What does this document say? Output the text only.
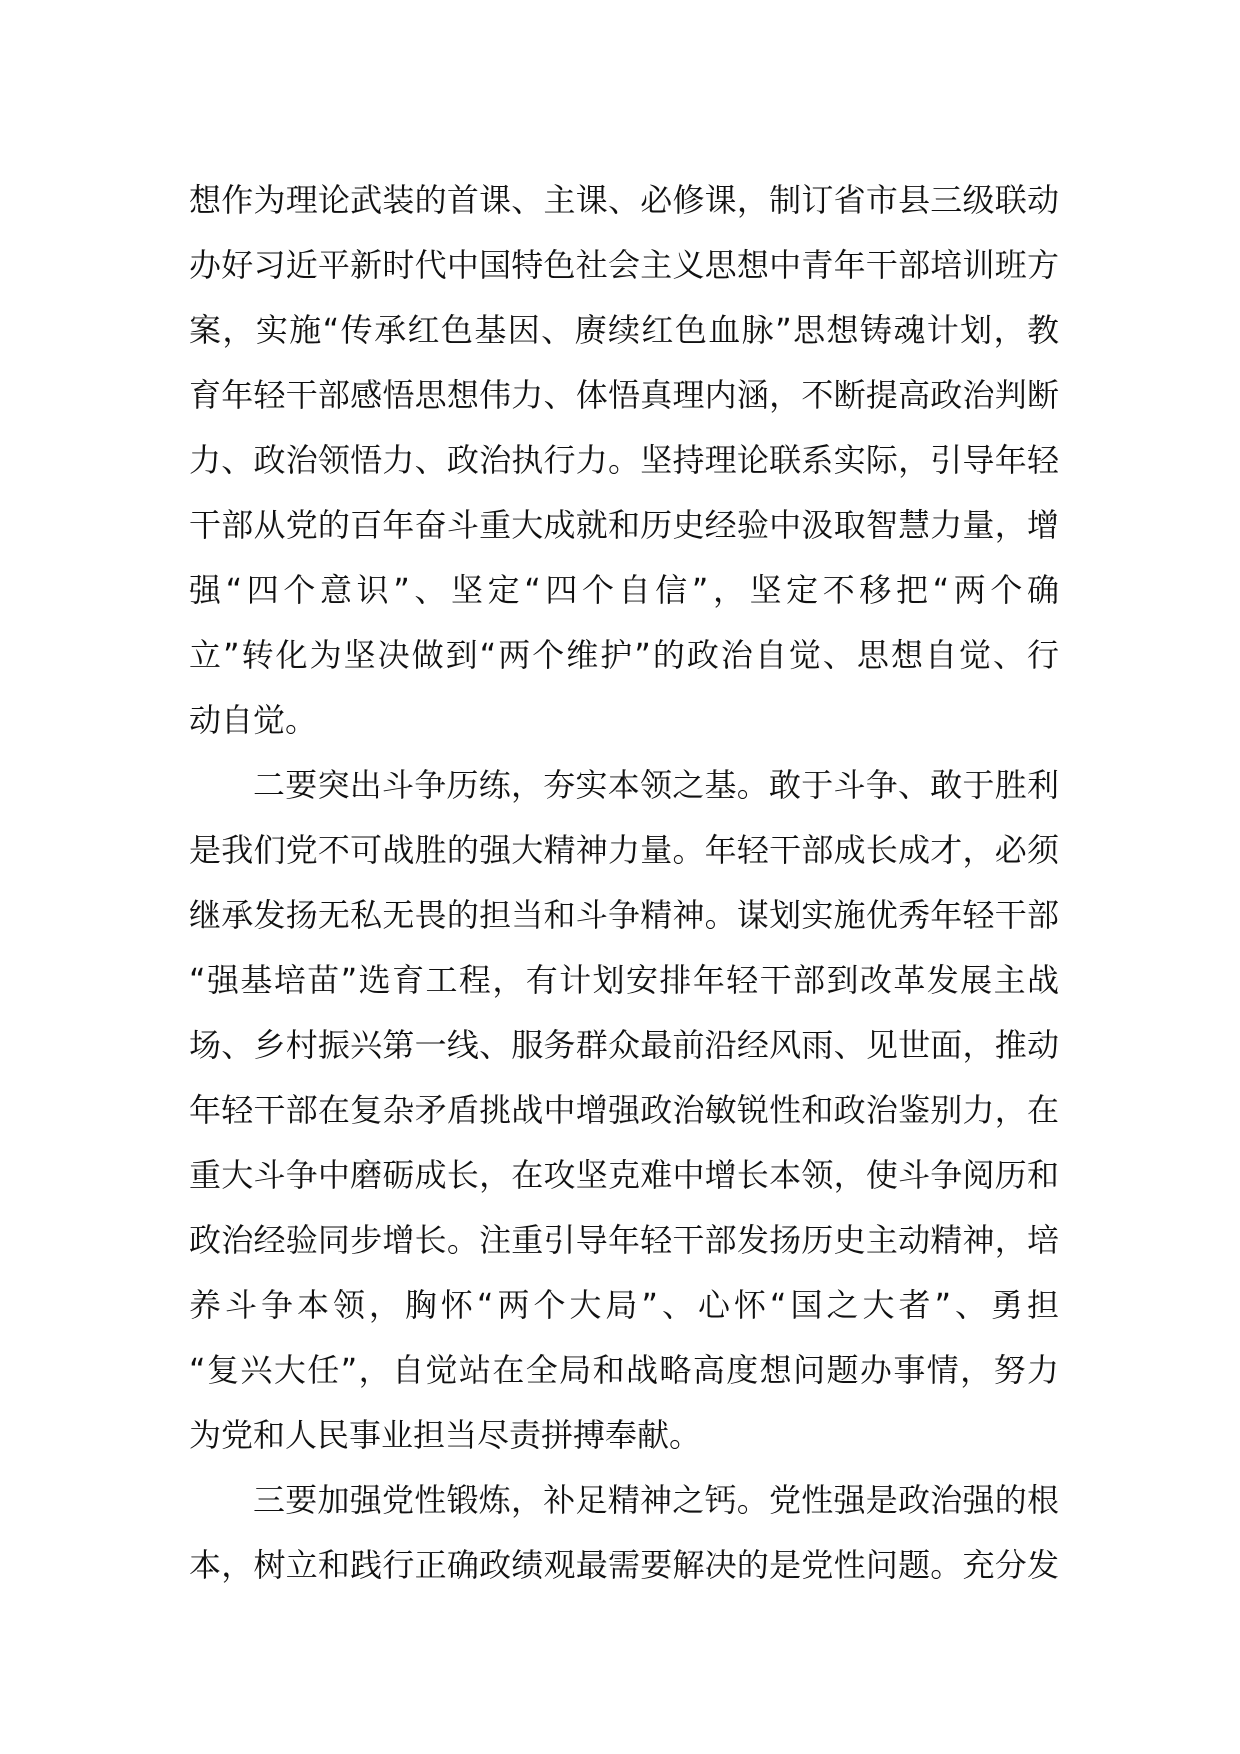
想作为理论武装的首课、主课、必修课，制订省市县三级联动
办好习近平新时代中国特色社会主义思想中青年干部培训班方
案，实施“传承红色基因、赓续红色血脉”思想铸魂计划，教
育年轻干部感悟思想伟力、体悟真理内涵，不断提高政治判断
力、政治领悟力、政治执行力。坚持理论联系实际，引导年轻
干部从党的百年奋斗重大成就和历史经验中汲取智慧力量，增
强“四个意识”、坚定“四个自信”，坚定不移把“两个确
立”转化为坚决做到“两个维护”的政治自觉、思想自觉、行
动自觉。
二要突出斗争历练，夯实本领之基。敢于斗争、敢于胜利
是我们党不可战胜的强大精神力量。年轻干部成长成才，必须
继承发扬无私无畏的担当和斗争精神。谋划实施优秀年轻干部
“强基培苗”选育工程，有计划安排年轻干部到改革发展主战
场、乡村振兴第一线、服务群众最前沿经风雨、见世面，推动
年轻干部在复杂矛盾挑战中增强政治敏锐性和政治鉴别力，在
重大斗争中磨砺成长，在攻坚克难中增长本领，使斗争阅历和
政治经验同步增长。注重引导年轻干部发扬历史主动精神，培
养斗争本领，胸怀“两个大局”、心怀“国之大者”、勇担
“复兴大任”，自觉站在全局和战略高度想问题办事情，努力
为党和人民事业担当尽责拼搏奉献。
三要加强党性锻炼，补足精神之钙。党性强是政治强的根
本，树立和践行正确政绩观最需要解决的是党性问题。充分发
